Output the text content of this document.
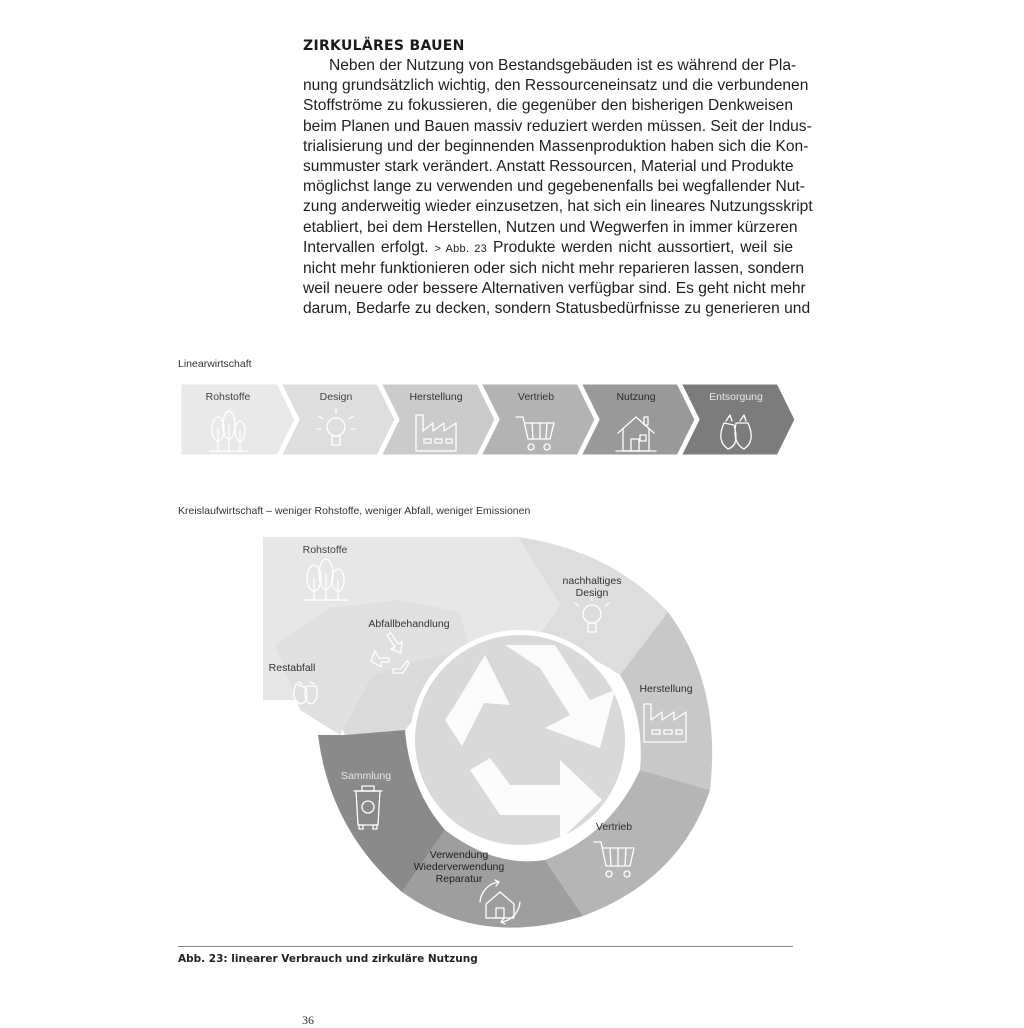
ZIRKULÄRES BAUEN
Neben der Nutzung von Bestandsgebäuden ist es während der Pla-
nung grundsätzlich wichtig, den Ressourceneinsatz und die verbundenen
Stoffströme zu fokussieren, die gegenüber den bisherigen Denkweisen
beim Planen und Bauen massiv reduziert werden müssen. Seit der Indus-
trialisierung und der beginnenden Massenproduktion haben sich die Kon-
summuster stark verändert. Anstatt Ressourcen, Material und Produkte
möglichst lange zu verwenden und gegebenenfalls bei wegfallender Nut-
zung anderweitig wieder einzusetzen, hat sich ein lineares Nutzungsskript
etabliert, bei dem Herstellen, Nutzen und Wegwerfen in immer kürzeren
Intervallen erfolgt. > Abb. 23 Produkte werden nicht aussortiert, weil sie
nicht mehr funktionieren oder sich nicht mehr reparieren lassen, sondern
weil neuere oder bessere Alternativen verfügbar sind. Es geht nicht mehr
darum, Bedarfe zu decken, sondern Statusbedürfnisse zu generieren und
Linearwirtschaft
Rohstoffe	Design	Herstellung	Vertrieb	Nutzung	Entsorgung
Kreislaufwirtschaft – weniger Rohstoffe, weniger Abfall, weniger Emissionen
Rohstoffe
nachhaltiges
Design
Herstellung
Vertrieb
Verwendung
Wiederverwendung
Reparatur
Sammlung
Abfallbehandlung
Restabfall
Abb. 23: linearer Verbrauch und zirkuläre Nutzung
36
